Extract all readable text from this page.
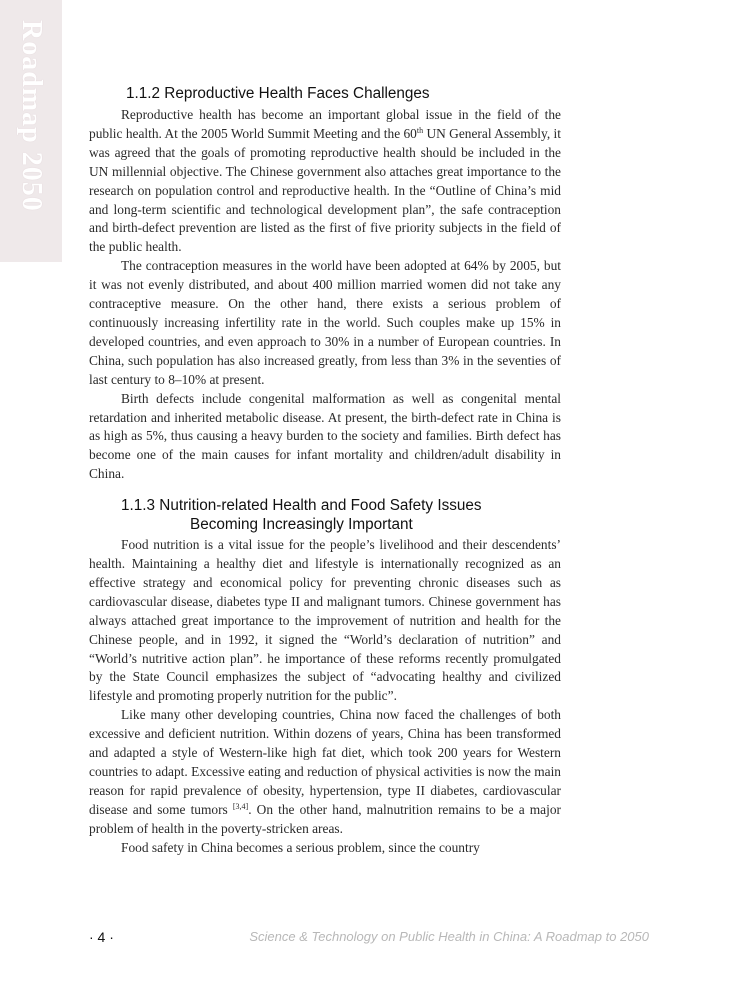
Roadmap 2050	1.1.2 Reproductive Health Faces Challenges

Reproductive health has become an important global issue in the field of the public health. At the 2005 World Summit Meeting and the 60th UN General Assembly, it was agreed that the goals of promoting reproductive health should be included in the UN millennial objective. The Chinese government also attaches great importance to the research on population control and reproductive health. In the “Outline of China’s mid and long-term scientific and technological development plan”, the safe contraception and birth-defect prevention are listed as the first of five priority subjects in the field of the public health.

The contraception measures in the world have been adopted at 64% by 2005, but it was not evenly distributed, and about 400 million married women did not take any contraceptive measure. On the other hand, there exists a serious problem of continuously increasing infertility rate in the world. Such couples make up 15% in developed countries, and even approach to 30% in a number of European countries. In China, such population has also increased greatly, from less than 3% in the seventies of last century to 8–10% at present.

Birth defects include congenital malformation as well as congenital mental retardation and inherited metabolic disease. At present, the birth-defect rate in China is as high as 5%, thus causing a heavy burden to the society and families. Birth defect has become one of the main causes for infant mortality and children/adult disability in China.

1.1.3 Nutrition-related Health and Food Safety Issues
Becoming Increasingly Important

Food nutrition is a vital issue for the people’s livelihood and their descendents’ health. Maintaining a healthy diet and lifestyle is internationally recognized as an effective strategy and economical policy for preventing chronic diseases such as cardiovascular disease, diabetes type II and malignant tumors. Chinese government has always attached great importance to the improvement of nutrition and health for the Chinese people, and in 1992, it signed the “World’s declaration of nutrition” and “World’s nutritive action plan”. he importance of these reforms recently promulgated by the State Council emphasizes the subject of “advocating healthy and civilized lifestyle and promoting properly nutrition for the public”.

Like many other developing countries, China now faced the challenges of both excessive and deficient nutrition. Within dozens of years, China has been transformed and adapted a style of Western-like high fat diet, which took 200 years for Western countries to adapt. Excessive eating and reduction of physical activities is now the main reason for rapid prevalence of obesity, hypertension, type II diabetes, cardiovascular disease and some tumors [3,4]. On the other hand, malnutrition remains to be a major problem of health in the poverty-stricken areas.

Food safety in China becomes a serious problem, since the country

· 4 ·	Science & Technology on Public Health in China: A Roadmap to 2050
